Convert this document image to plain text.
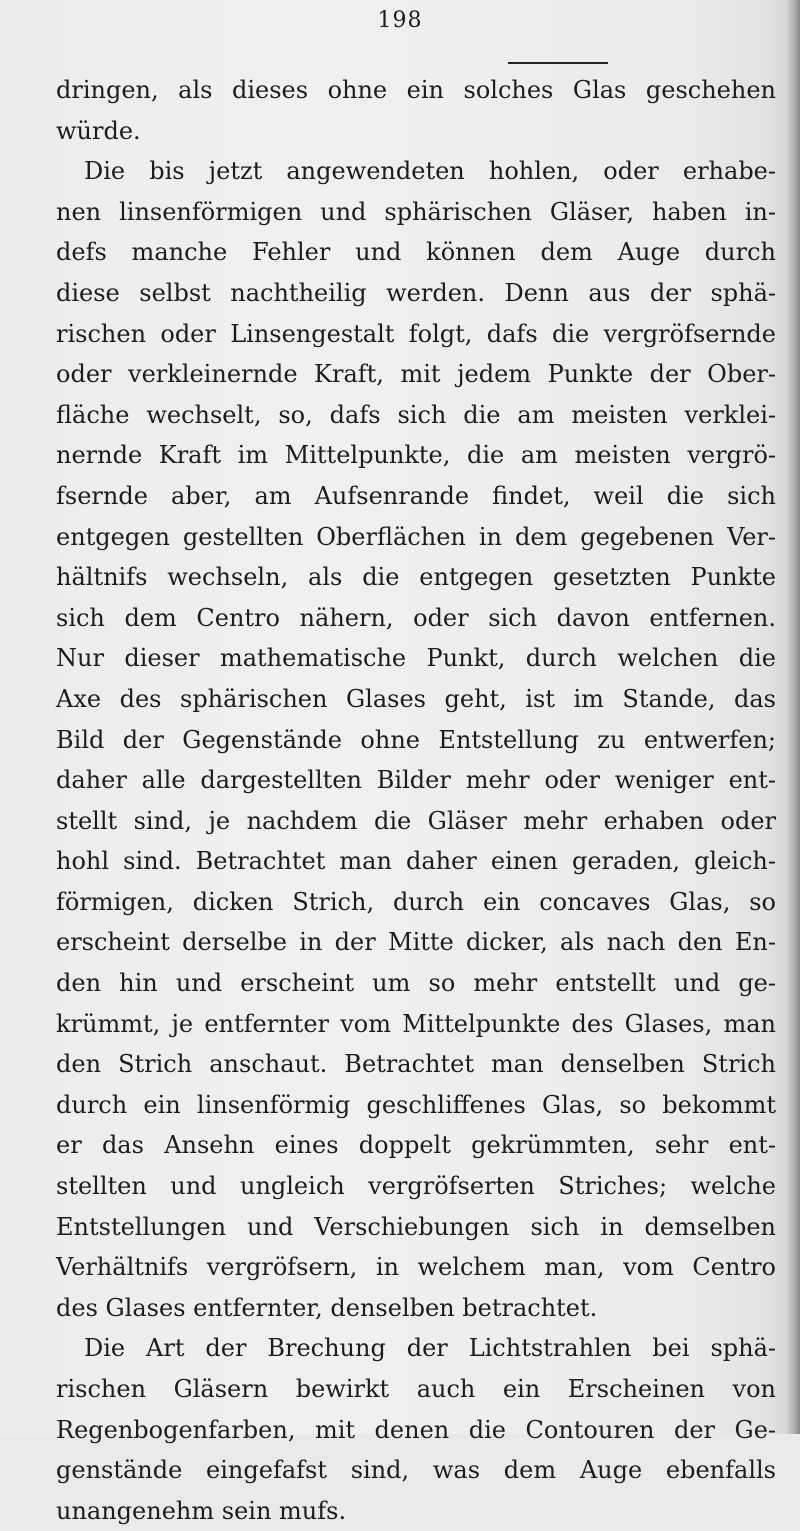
198
dringen, als dieses ohne ein solches Glas geschehen
würde.
Die bis jetzt angewendeten hohlen, oder erhabe-
nen linsenförmigen und sphärischen Gläser, haben in-
defs manche Fehler und können dem Auge durch
diese selbst nachtheilig werden. Denn aus der sphä-
rischen oder Linsengestalt folgt, dafs die vergröfsernde
oder verkleinernde Kraft, mit jedem Punkte der Ober-
fläche wechselt, so, dafs sich die am meisten verklei-
nernde Kraft im Mittelpunkte, die am meisten vergrö-
fsernde aber, am Aufsenrande findet, weil die sich
entgegen gestellten Oberflächen in dem gegebenen Ver-
hältnifs wechseln, als die entgegen gesetzten Punkte
sich dem Centro nähern, oder sich davon entfernen.
Nur dieser mathematische Punkt, durch welchen die
Axe des sphärischen Glases geht, ist im Stande, das
Bild der Gegenstände ohne Entstellung zu entwerfen;
daher alle dargestellten Bilder mehr oder weniger ent-
stellt sind, je nachdem die Gläser mehr erhaben oder
hohl sind. Betrachtet man daher einen geraden, gleich-
förmigen, dicken Strich, durch ein concaves Glas, so
erscheint derselbe in der Mitte dicker, als nach den En-
den hin und erscheint um so mehr entstellt und ge-
krümmt, je entfernter vom Mittelpunkte des Glases, man
den Strich anschaut. Betrachtet man denselben Strich
durch ein linsenförmig geschliffenes Glas, so bekommt
er das Ansehn eines doppelt gekrümmten, sehr ent-
stellten und ungleich vergröfserten Striches; welche
Entstellungen und Verschiebungen sich in demselben
Verhältnifs vergröfsern, in welchem man, vom Centro
des Glases entfernter, denselben betrachtet.
Die Art der Brechung der Lichtstrahlen bei sphä-
rischen Gläsern bewirkt auch ein Erscheinen von
Regenbogenfarben, mit denen die Contouren der Ge-
genstände eingefafst sind, was dem Auge ebenfalls
unangenehm sein mufs.
